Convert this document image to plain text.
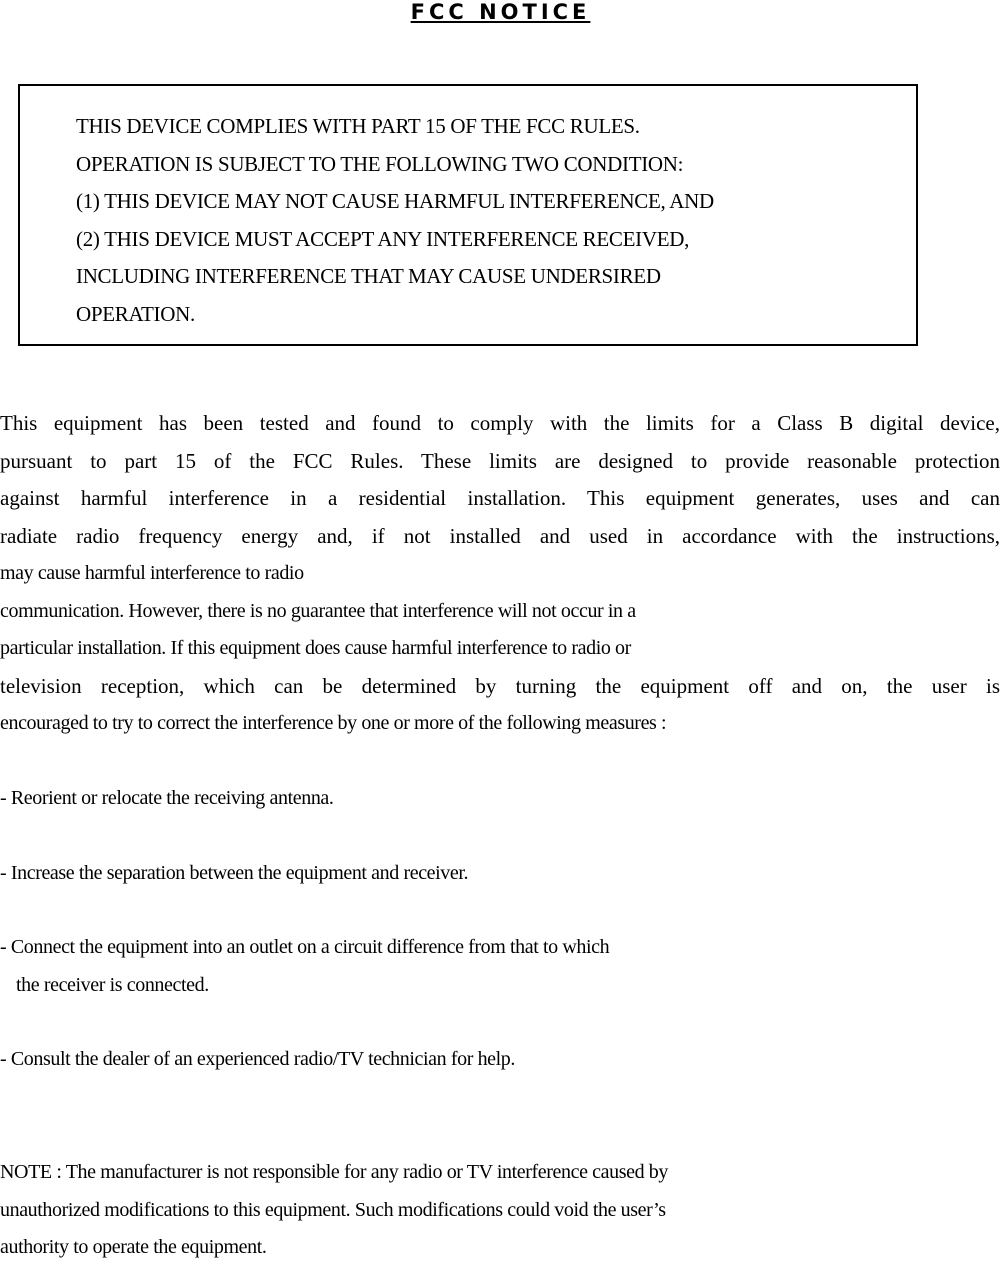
FCC NOTICE
THIS DEVICE COMPLIES WITH PART 15 OF THE FCC RULES.
OPERATION IS SUBJECT TO THE FOLLOWING TWO CONDITION:
(1) THIS DEVICE MAY NOT CAUSE HARMFUL INTERFERENCE, AND
(2) THIS DEVICE MUST ACCEPT ANY INTERFERENCE RECEIVED,
INCLUDING INTERFERENCE THAT MAY CAUSE UNDERSIRED
OPERATION.
This equipment has been tested and found to comply with the limits for a Class B digital device,
pursuant to part 15 of the FCC Rules. These limits are designed to provide reasonable protection
against harmful interference in a residential installation. This equipment generates, uses and can
radiate radio frequency energy and, if not installed and used in accordance with the instructions,
may cause harmful interference to radio
communication. However, there is no guarantee that interference will not occur in a
particular installation. If this equipment does cause harmful interference to radio or
television reception, which can be determined by turning the equipment off and on, the user is
encouraged to try to correct the interference by one or more of the following measures :
- Reorient or relocate the receiving antenna.
- Increase the separation between the equipment and receiver.
- Connect the equipment into an outlet on a circuit difference from that to which
the receiver is connected.
- Consult the dealer of an experienced radio/TV technician for help.
NOTE : The manufacturer is not responsible for any radio or TV interference caused by
unauthorized modifications to this equipment. Such modifications could void the user’s
authority to operate the equipment.
